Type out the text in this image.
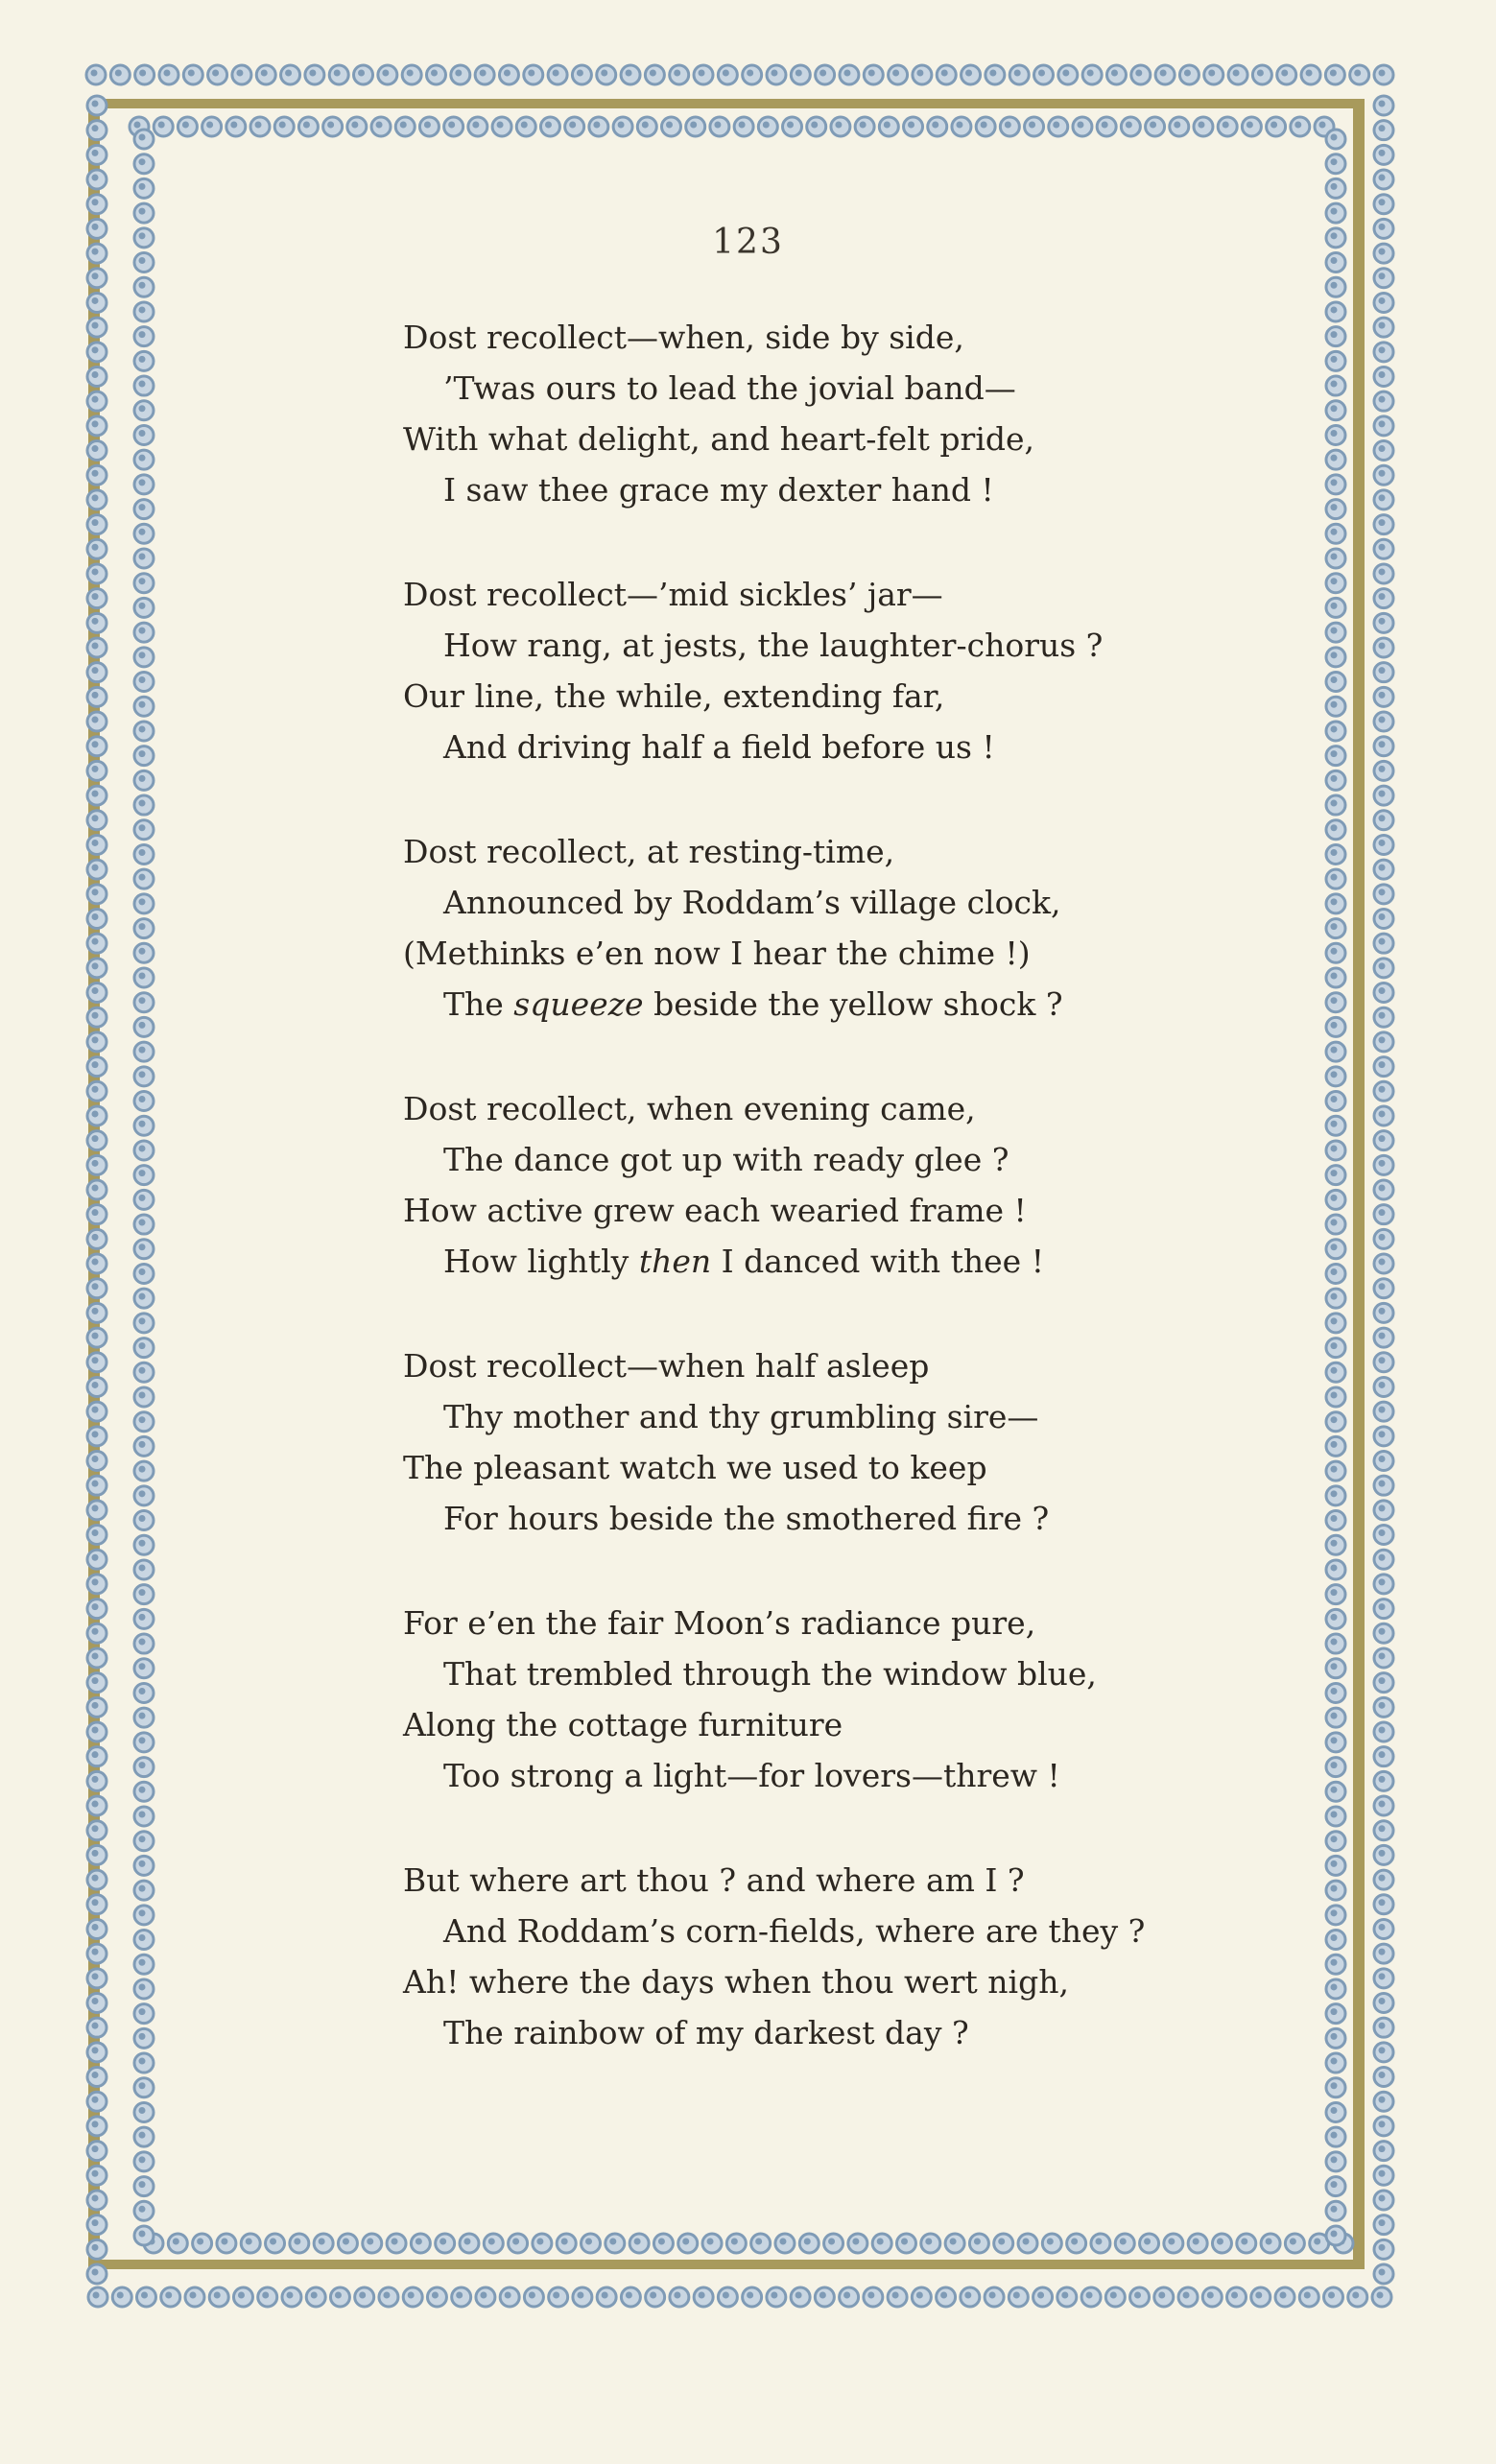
123
Dost recollect—when, side by side,
’Twas ours to lead the jovial band—
With what delight, and heart-felt pride,
I saw thee grace my dexter hand !
Dost recollect—’mid sickles’ jar—
How rang, at jests, the laughter-chorus ?
Our line, the while, extending far,
And driving half a field before us !
Dost recollect, at resting-time,
Announced by Roddam’s village clock,
(Methinks e’en now I hear the chime !)
The squeeze beside the yellow shock ?
Dost recollect, when evening came,
The dance got up with ready glee ?
How active grew each wearied frame !
How lightly then I danced with thee !
Dost recollect—when half asleep
Thy mother and thy grumbling sire—
The pleasant watch we used to keep
For hours beside the smothered fire ?
For e’en the fair Moon’s radiance pure,
That trembled through the window blue,
Along the cottage furniture
Too strong a light—for lovers—threw !
But where art thou ? and where am I ?
And Roddam’s corn-fields, where are they ?
Ah! where the days when thou wert nigh,
The rainbow of my darkest day ?
